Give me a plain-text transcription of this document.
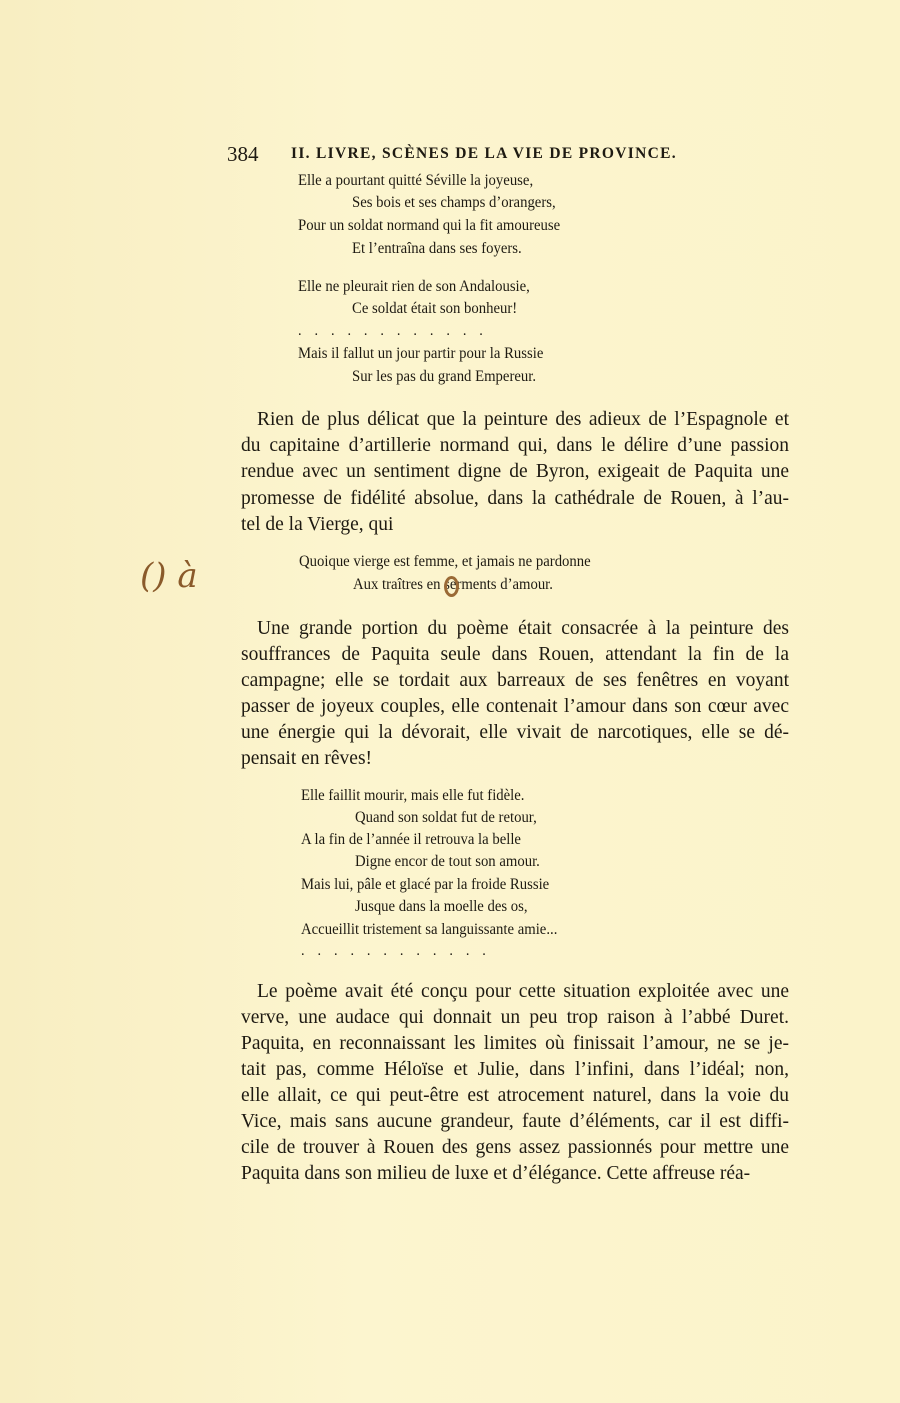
384 II. LIVRE, SCÈNES DE LA VIE DE PROVINCE.
Elle a pourtant quitté Séville la joyeuse,
Ses bois et ses champs d’orangers,
Pour un soldat normand qui la fit amoureuse
Et l’entraîna dans ses foyers.
Elle ne pleurait rien de son Andalousie,
Ce soldat était son bonheur!
............
Mais il fallut un jour partir pour la Russie
Sur les pas du grand Empereur.
Rien de plus délicat que la peinture des adieux de l’Espagnole et
du capitaine d’artillerie normand qui, dans le délire d’une passion
rendue avec un sentiment digne de Byron, exigeait de Paquita une
promesse de fidélité absolue, dans la cathédrale de Rouen, à l’au-
tel de la Vierge, qui
Quoique vierge est femme, et jamais ne pardonne
Aux traîtres en serments d’amour.
Une grande portion du poème était consacrée à la peinture des
souffrances de Paquita seule dans Rouen, attendant la fin de la
campagne; elle se tordait aux barreaux de ses fenêtres en voyant
passer de joyeux couples, elle contenait l’amour dans son cœur avec
une énergie qui la dévorait, elle vivait de narcotiques, elle se dé-
pensait en rêves!
Elle faillit mourir, mais elle fut fidèle.
Quand son soldat fut de retour,
A la fin de l’année il retrouva la belle
Digne encor de tout son amour.
Mais lui, pâle et glacé par la froide Russie
Jusque dans la moelle des os,
Accueillit tristement sa languissante amie...
............
Le poème avait été conçu pour cette situation exploitée avec une
verve, une audace qui donnait un peu trop raison à l’abbé Duret.
Paquita, en reconnaissant les limites où finissait l’amour, ne se je-
tait pas, comme Héloïse et Julie, dans l’infini, dans l’idéal; non,
elle allait, ce qui peut-être est atrocement naturel, dans la voie du
Vice, mais sans aucune grandeur, faute d’éléments, car il est diffi-
cile de trouver à Rouen des gens assez passionnés pour mettre une
Paquita dans son milieu de luxe et d’élégance. Cette affreuse réa-
() à
